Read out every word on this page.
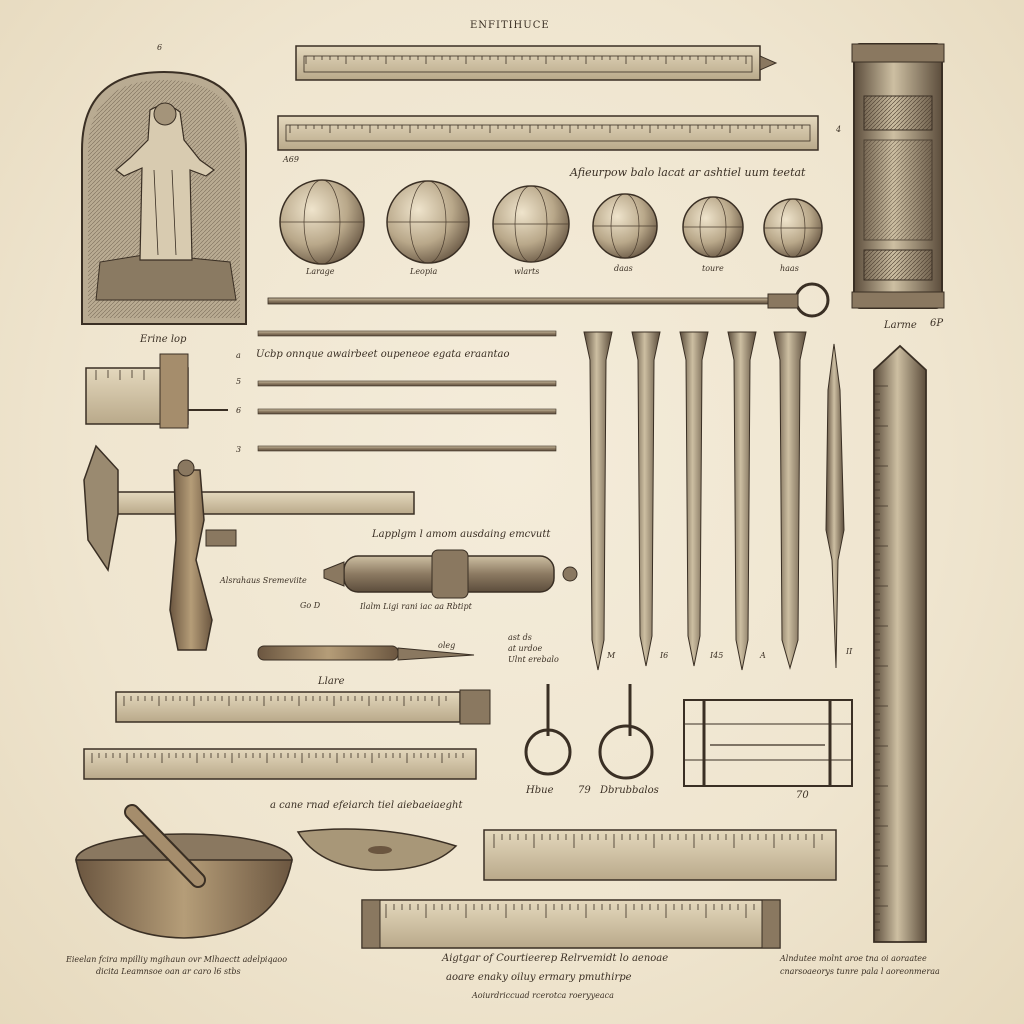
ENFITIHUCE
6
A69
4
Afieurpow balo lacat ar ashtiel uum teetat
Larage	Leopia	wlarts	daas	toure	haas
Erine lop
Larme 6P
Ucbp onnque awairbeet oupeneoe egata eraantao
a
5
6
3
Lapplgm l amom ausdaing emcvutt
Alsrahaus Sremeviite
Go D	Ilalm Ligi rani iac aa Rbtipt
ast ds
at urdoe
Ulnt erebalo
oleg
Llare
M	I6	I45	A	II
a cane rnad efeiarch tiel aiebaeiaeght
Hbue 79 Dbrubbalos	70
Eieelan fcira mpilliy mgihaun ovr Mlhaectt adelpiqaoo
dicita Leamnsoe oan ar caro l6 stbs
Aigtgar of Courtieerep Relrvemidt lo aenoae
aoare enaky oiluy ermary pmuthirpe
Aoiurdriccuad rcerotca roeryyeaca
Alndutee molnt aroe tna oi aoraatee
cnarsoaeorys tunre pala l aoreonmeraa
